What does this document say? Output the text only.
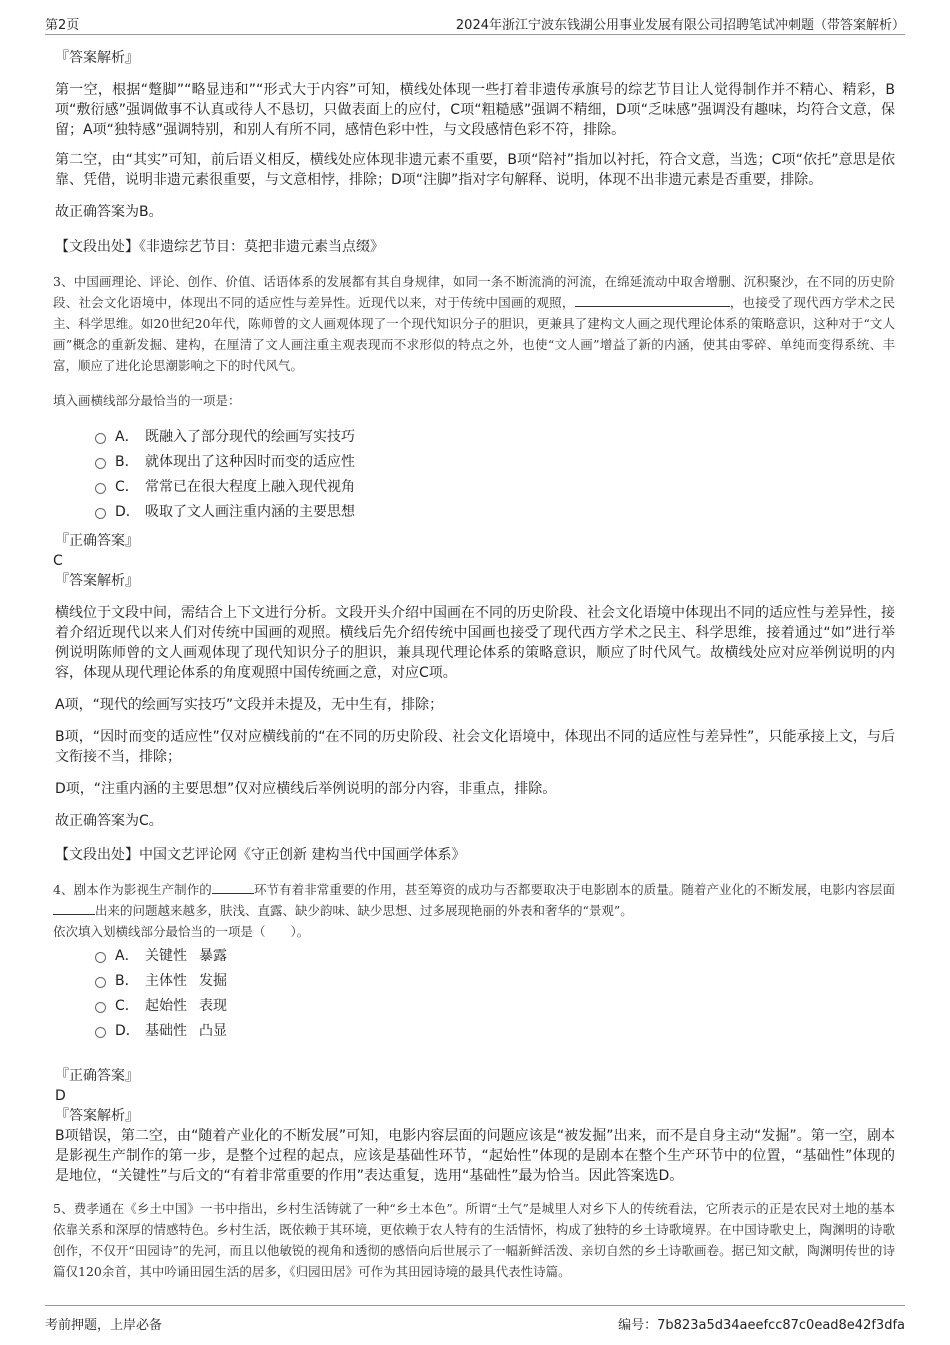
第2页	2024年浙江宁波东钱湖公用事业发展有限公司招聘笔试冲刺题（带答案解析）
『答案解析』

第一空，根据“蹩脚”“略显违和”“形式大于内容”可知，横线处体现一些打着非遗传承旗号的综艺节目让人觉得制作并不精心、精彩，B项“敷衍感”强调做事不认真或待人不恳切，只做表面上的应付，C项“粗糙感”强调不精细，D项“乏味感”强调没有趣味，均符合文意，保留；A项“独特感”强调特别，和别人有所不同，感情色彩中性，与文段感情色彩不符，排除。

第二空，由“其实”可知，前后语义相反，横线处应体现非遗元素不重要，B项“陪衬”指加以衬托，符合文意，当选；C项“依托”意思是依靠、凭借，说明非遗元素很重要，与文意相悖，排除；D项“注脚”指对字句解释、说明，体现不出非遗元素是否重要，排除。

故正确答案为B。

【文段出处】《非遗综艺节目：莫把非遗元素当点缀》

3、中国画理论、评论、创作、价值、话语体系的发展都有其自身规律，如同一条不断流淌的河流，在绵延流动中取舍增删、沉积聚沙，在不同的历史阶段、社会文化语境中，体现出不同的适应性与差异性。近现代以来，对于传统中国画的观照，	，也接受了现代西方学术之民主、科学思维。如20世纪20年代，陈师曾的文人画观体现了一个现代知识分子的胆识，更兼具了建构文人画之现代理论体系的策略意识，这种对于“文人画”概念的重新发掘、建构，在厘清了文人画注重主观表现而不求形似的特点之外，也使“文人画”增益了新的内涵，使其由零碎、单纯而变得系统、丰富，顺应了进化论思潮影响之下的时代风气。

填入画横线部分最恰当的一项是：

A． 既融入了部分现代的绘画写实技巧
B． 就体现出了这种因时而变的适应性
C． 常常已在很大程度上融入现代视角
D． 吸取了文人画注重内涵的主要思想
『正确答案』
C
『答案解析』

横线位于文段中间，需结合上下文进行分析。文段开头介绍中国画在不同的历史阶段、社会文化语境中体现出不同的适应性与差异性，接着介绍近现代以来人们对传统中国画的观照。横线后先介绍传统中国画也接受了现代西方学术之民主、科学思维，接着通过“如”进行举例说明陈师曾的文人画观体现了现代知识分子的胆识，兼具现代理论体系的策略意识，顺应了时代风气。故横线处应对应举例说明的内容，体现从现代理论体系的角度观照中国传统画之意，对应C项。

A项，“现代的绘画写实技巧”文段并未提及，无中生有，排除；

B项，“因时而变的适应性”仅对应横线前的“在不同的历史阶段、社会文化语境中，体现出不同的适应性与差异性”，只能承接上文，与后文衔接不当，排除；

D项，“注重内涵的主要思想”仅对应横线后举例说明的部分内容，非重点，排除。

故正确答案为C。

【文段出处】中国文艺评论网《守正创新 建构当代中国画学体系》

4、剧本作为影视生产制作的	环节有着非常重要的作用，甚至筹资的成功与否都要取决于电影剧本的质量。随着产业化的不断发展，电影内容层面出来的问题越来越多，肤浅、直露、缺少韵味、缺少思想、过多展现艳丽的外表和奢华的“景观”。

依次填入划横线部分最恰当的一项是（　　）。

A． 关键性 暴露
B． 主体性 发掘
C． 起始性 表现
D． 基础性 凸显
『正确答案』
D
『答案解析』

B项错误，第二空，由“随着产业化的不断发展”可知，电影内容层面的问题应该是“被发掘”出来，而不是自身主动“发掘”。第一空，剧本是影视生产制作的第一步，是整个过程的起点，应该是基础性环节，“起始性”体现的是剧本在整个生产环节中的位置，“基础性”体现的是地位，“关键性”与后文的“有着非常重要的作用”表达重复，选用“基础性”最为恰当。因此答案选D。

5、费孝通在《乡土中国》一书中指出，乡村生活铸就了一种“乡土本色”。所谓“土气”是城里人对乡下人的传统看法，它所表示的正是农民对土地的基本依靠关系和深厚的情感特色。乡村生活，既依赖于其环境，更依赖于农人特有的生活情怀，构成了独特的乡土诗歌境界。在中国诗歌史上，陶渊明的诗歌创作，不仅开“田园诗”的先河，而且以他敏锐的视角和透彻的感悟向后世展示了一幅新鲜活泼、亲切自然的乡土诗歌画卷。据已知文献，陶渊明传世的诗篇仅120余首，其中吟诵田园生活的居多，《归园田居》可作为其田园诗境的最具代表性诗篇。

考前押题，上岸必备	编号：7b823a5d34aeefcc87c0ead8e42f3dfa
